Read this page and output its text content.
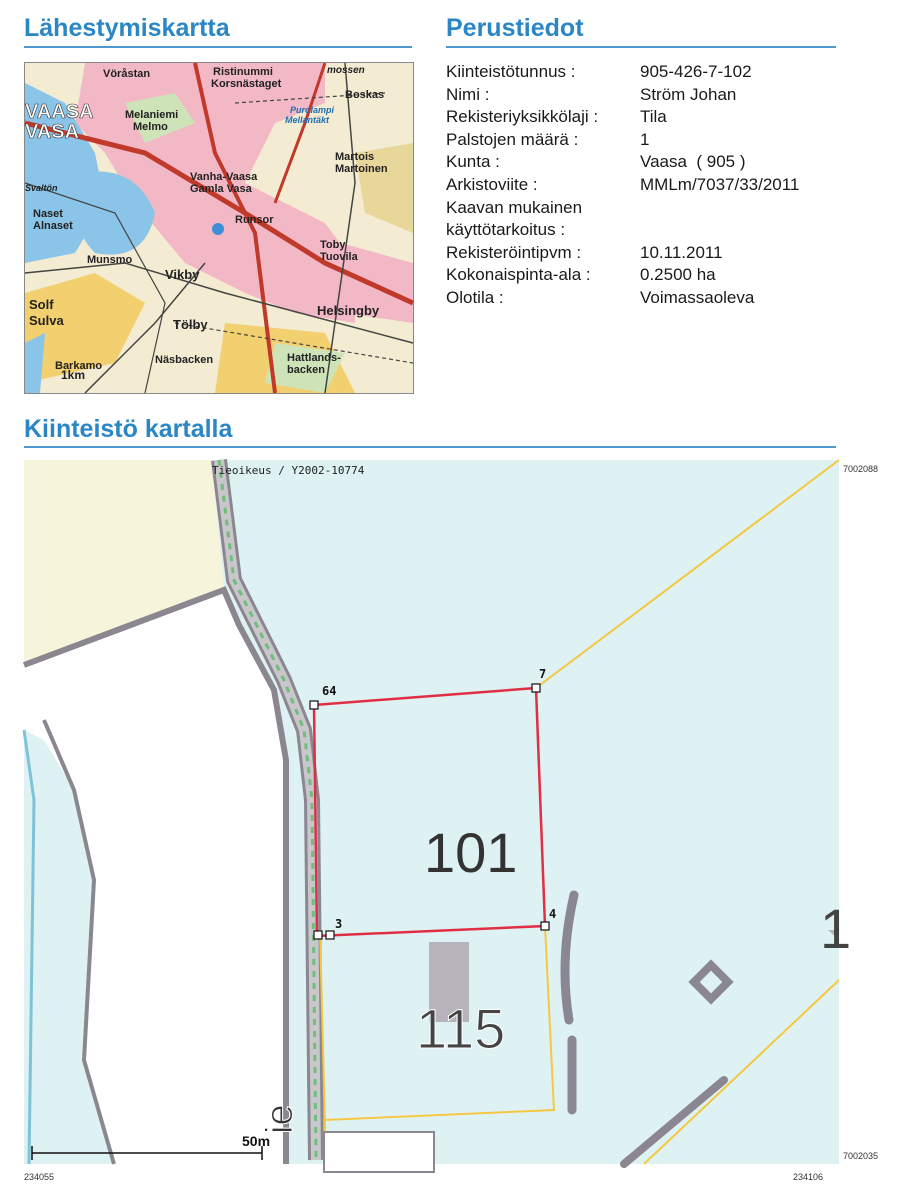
Lähestymiskartta	Perustiedot
Kiinteistö kartalla
Kiinteistötunnus :	905-426-7-102
Nimi :	Ström Johan
Rekisteriyksikkölaji :	Tila
Palstojen määrä :	1
Kunta :	Vaasa  ( 905 )
Arkistoviite :	MMLm/7037/33/2011
Kaavan mukainen
käyttötarkoitus :
Rekisteröintipvm :	10.11.2011
Kokonaispinta-ala :	0.2500 ha
Olotila :	Voimassaoleva
Vöråstan	Ristinummi
Korsnästaget
mossen
Boskas
VAASA
VASA
Melaniemi
Melmo
Purolampi
Mellantäkt
Martois
Martoinen
Vanha-Vaasa
Gamla Vasa
Svaltön
Naset
Alnaset	Runsor
Toby
Tuovila
Munsmo
Vikby
Helsingby
Solf
Sulva	Tölby
Barkamo	Näsbacken	Hattlands-
backen
1km
64
7
3
4
101
115
1
ie
50m
Tieoikeus / Y2002-10774	7002088
7002035
234055	234106
